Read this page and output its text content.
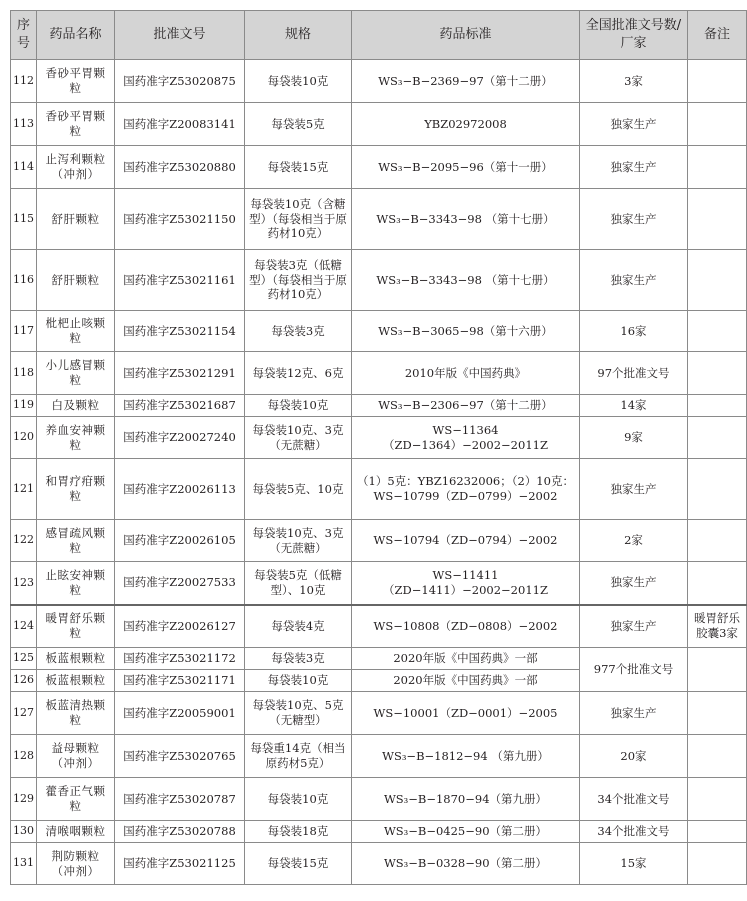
序号	药品名称	批准文号	规格	药品标准	全国批准文号数/厂家	备注
112	香砂平胃颗粒	国药准字Z53020875	每袋装10克	WS₃−B−2369−97（第十二册）	3家	
113	香砂平胃颗粒	国药准字Z20083141	每袋装5克	YBZ02972008	独家生产	
114	止泻利颗粒（冲剂）	国药准字Z53020880	每袋装15克	WS₃−B−2095−96（第十一册）	独家生产	
115	舒肝颗粒	国药准字Z53021150	每袋装10克（含糖型）（每袋相当于原药材10克）	WS₃−B−3343−98 （第十七册）	独家生产	
116	舒肝颗粒	国药准字Z53021161	每袋装3克（低糖型）（每袋相当于原药材10克）	WS₃−B−3343−98 （第十七册）	独家生产	
117	枇杷止咳颗粒	国药准字Z53021154	每袋装3克	WS₃−B−3065−98（第十六册）	16家	
118	小儿感冒颗粒	国药准字Z53021291	每袋装12克、6克	2010年版《中国药典》	97个批准文号	
119	白及颗粒	国药准字Z53021687	每袋装10克	WS₃−B−2306−97（第十二册）	14家	
120	养血安神颗粒	国药准字Z20027240	每袋装10克、3克（无蔗糖）	WS−11364（ZD−1364）−2002−2011Z	9家	
121	和胃疗疳颗粒	国药准字Z20026113	每袋装5克、10克	（1）5克：YBZ16232006；（2）10克：WS−10799（ZD−0799）−2002	独家生产	
122	感冒疏风颗粒	国药准字Z20026105	每袋装10克、3克（无蔗糖）	WS−10794（ZD−0794）−2002	2家	
123	止眩安神颗粒	国药准字Z20027533	每袋装5克（低糖型）、10克	WS−11411（ZD−1411）−2002−2011Z	独家生产	
124	暖胃舒乐颗粒	国药准字Z20026127	每袋装4克	WS−10808（ZD−0808）−2002	独家生产	暖胃舒乐胶囊3家
125	板蓝根颗粒	国药准字Z53021172	每袋装3克	2020年版《中国药典》一部	977个批准文号	
126	板蓝根颗粒	国药准字Z53021171	每袋装10克	2020年版《中国药典》一部		
127	板蓝清热颗粒	国药准字Z20059001	每袋装10克、5克（无糖型）	WS−10001（ZD−0001）−2005	独家生产	
128	益母颗粒（冲剂）	国药准字Z53020765	每袋重14克（相当原药材5克）	WS₃−B−1812−94 （第九册）	20家	
129	藿香正气颗粒	国药准字Z53020787	每袋装10克	WS₃−B−1870−94（第九册）	34个批准文号	
130	清喉咽颗粒	国药准字Z53020788	每袋装18克	WS₃−B−0425−90（第二册）	34个批准文号	
131	荆防颗粒（冲剂）	国药准字Z53021125	每袋装15克	WS₃−B−0328−90（第二册）	15家	
